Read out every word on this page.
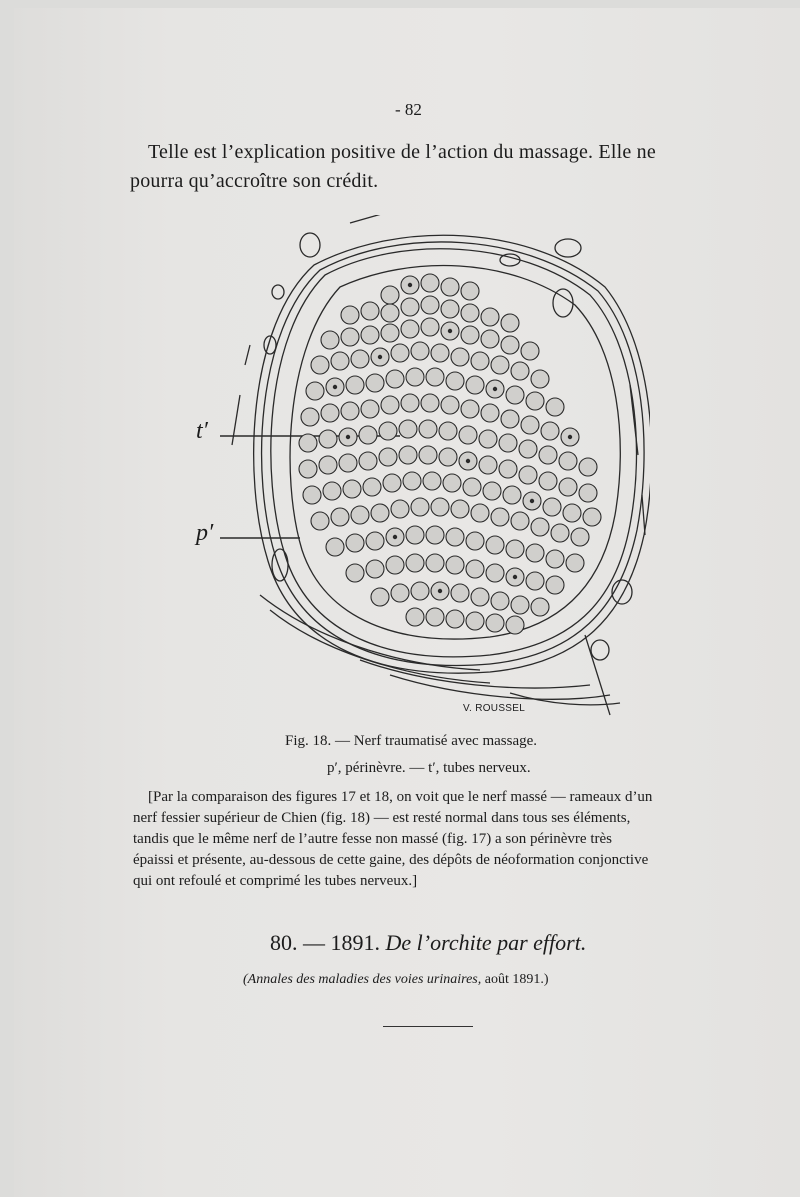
- 82
Telle est l’explication positive de l’action du massage. Elle ne
pourra qu’accroître son crédit.
t′
p′
V. ROUSSEL
Fig. 18. — Nerf traumatisé avec massage.
p′, périnèvre. — t′, tubes nerveux.
[Par la comparaison des figures 17 et 18, on voit que le nerf massé — rameaux d’un
nerf fessier supérieur de Chien (fig. 18) — est resté normal dans tous ses éléments,
tandis que le même nerf de l’autre fesse non massé (fig. 17) a son périnèvre très
épaissi et présente, au-dessous de cette gaine, des dépôts de néoformation conjonctive
qui ont refoulé et comprimé les tubes nerveux.]
80. — 1891. De l’orchite par effort.
(Annales des maladies des voies urinaires, août 1891.)
